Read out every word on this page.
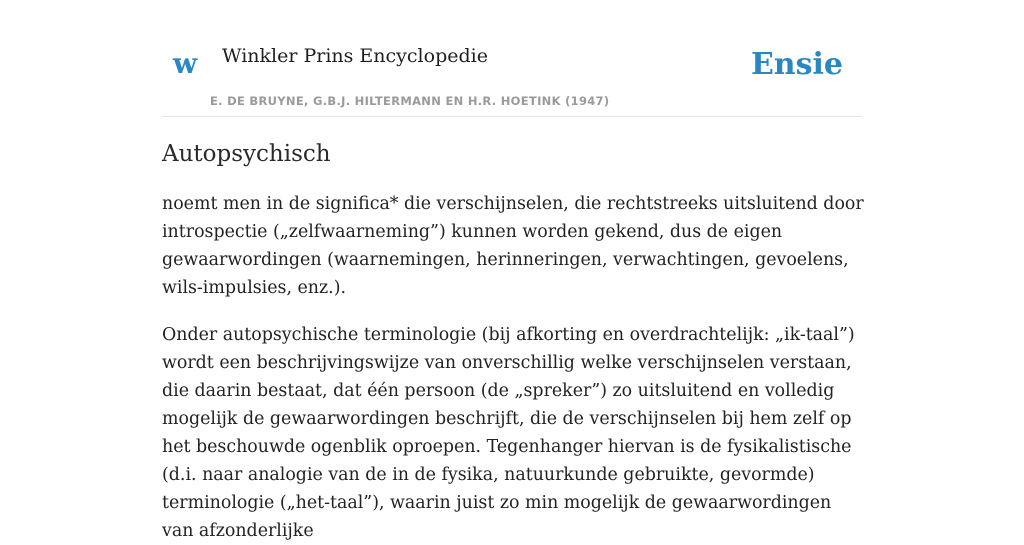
w Winkler Prins Encyclopedie
E. DE BRUYNE, G.B.J. HILTERMANN EN H.R. HOETINK (1947)
Ensie
Autopsychisch

noemt men in de significa* die verschijnselen, die rechtstreeks uitsluitend door introspectie („zelfwaarneming”) kunnen worden gekend, dus de eigen gewaarwordingen (waarnemingen, herinneringen, verwachtingen, gevoelens, wils-impulsies, enz.).

Onder autopsychische terminologie (bij afkorting en overdrachtelijk: „ik-taal”) wordt een beschrijvingswijze van onverschillig welke verschijnselen verstaan, die daarin bestaat, dat één persoon (de „spreker”) zo uitsluitend en volledig mogelijk de gewaarwordingen beschrijft, die de verschijnselen bij hem zelf op het beschouwde ogenblik oproepen. Tegenhanger hiervan is de fysikalistische (d.i. naar analogie van de in de fysika, natuurkunde gebruikte, gevormde) terminologie („het-taal”), waarin juist zo min mogelijk de gewaarwordingen van afzonderlijke
